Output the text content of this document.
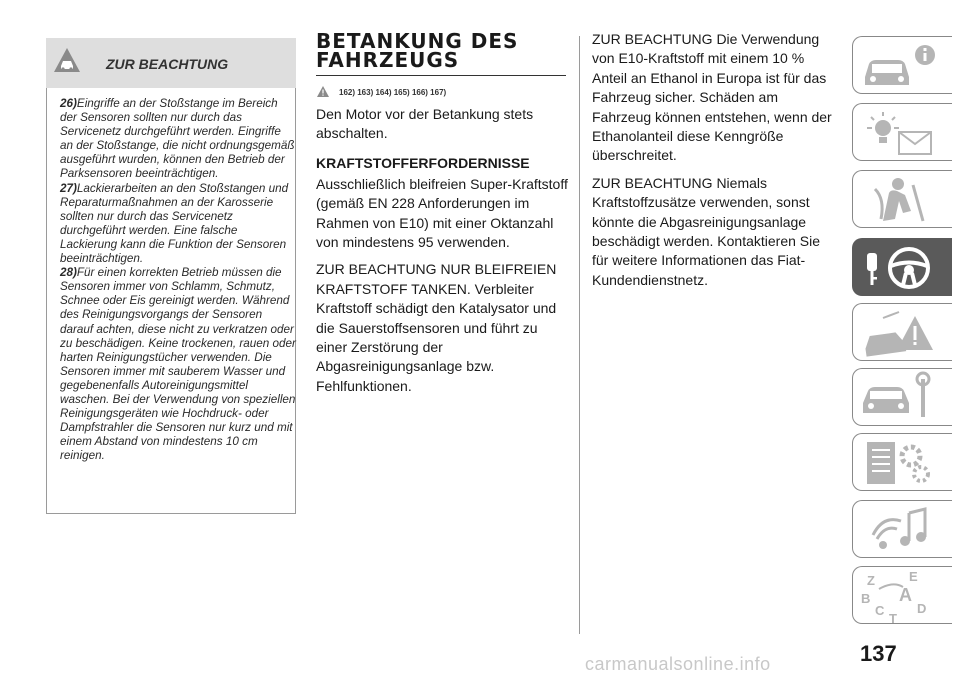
ZUR BEACHTUNG

26)Eingriffe an der Stoßstange im Bereich der Sensoren sollten nur durch das Servicenetz durchgeführt werden. Eingriffe an der Stoßstange, die nicht ordnungsgemäß ausgeführt wurden, können den Betrieb der Parksensoren beeinträchtigen.

27)Lackierarbeiten an den Stoßstangen und Reparaturmaßnahmen an der Karosserie sollten nur durch das Servicenetz durchgeführt werden. Eine falsche Lackierung kann die Funktion der Sensoren beeinträchtigen.

28)Für einen korrekten Betrieb müssen die Sensoren immer von Schlamm, Schmutz, Schnee oder Eis gereinigt werden. Während des Reinigungsvorgangs der Sensoren darauf achten, diese nicht zu verkratzen oder zu beschädigen. Keine trockenen, rauen oder harten Reinigungstücher verwenden. Die Sensoren immer mit sauberem Wasser und gegebenenfalls Autoreinigungsmittel waschen. Bei der Verwendung von speziellen Reinigungsgeräten wie Hochdruck- oder Dampfstrahler die Sensoren nur kurz und mit einem Abstand von mindestens 10 cm reinigen.

BETANKUNG DES
FAHRZEUGS
162) 163) 164) 165) 166) 167)

Den Motor vor der Betankung stets abschalten.

KRAFTSTOFFERFORDERNISSE

Ausschließlich bleifreien Super-Kraftstoff (gemäß EN 228 Anforderungen im Rahmen von E10) mit einer Oktanzahl von mindestens 95 verwenden.

ZUR BEACHTUNG NUR BLEIFREIEN KRAFTSTOFF TANKEN. Verbleiter Kraftstoff schädigt den Katalysator und die Sauerstoffsensoren und führt zu einer Zerstörung der Abgasreinigungsanlage bzw. Fehlfunktionen.

ZUR BEACHTUNG Die Verwendung von E10-Kraftstoff mit einem 10 % Anteil an Ethanol in Europa ist für das Fahrzeug sicher. Schäden am Fahrzeug können entstehen, wenn der Ethanolanteil diese Kenngröße überschreitet.

ZUR BEACHTUNG Niemals Kraftstoffzusätze verwenden, sonst könnte die Abgasreinigungsanlage beschädigt werden. Kontaktieren Sie für weitere Informationen das Fiat-Kundendienstnetz.

Z	E
B A
C
T
D
137
carmanualsonline.info
